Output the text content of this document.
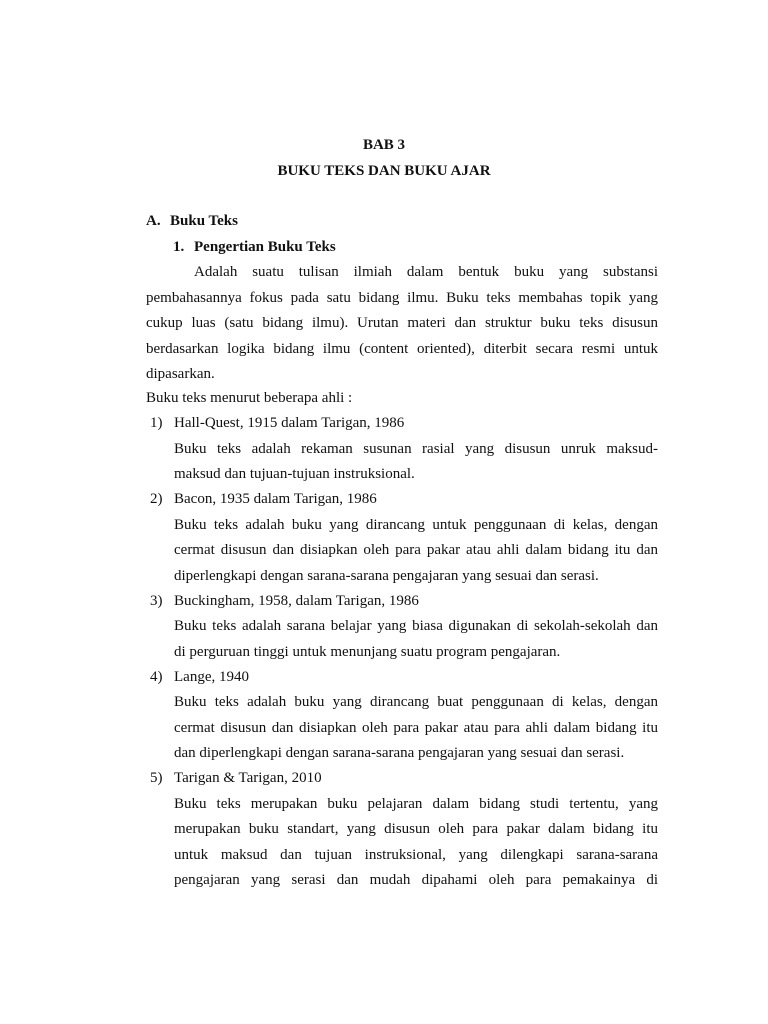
BAB 3
BUKU TEKS DAN BUKU AJAR
A. Buku Teks
1. Pengertian Buku Teks
Adalah suatu tulisan ilmiah dalam bentuk buku yang substansi
pembahasannya fokus pada satu bidang ilmu. Buku teks membahas topik yang
cukup luas (satu bidang ilmu). Urutan materi dan struktur buku teks disusun
berdasarkan logika bidang ilmu (content oriented), diterbit secara resmi untuk
dipasarkan.
Buku teks menurut beberapa ahli :
1) Hall-Quest, 1915 dalam Tarigan, 1986
Buku teks adalah rekaman susunan rasial yang disusun unruk maksud-
maksud dan tujuan-tujuan instruksional.
2) Bacon, 1935 dalam Tarigan, 1986
Buku teks adalah buku yang dirancang untuk penggunaan di kelas, dengan
cermat disusun dan disiapkan oleh para pakar atau ahli dalam bidang itu dan
diperlengkapi dengan sarana-sarana pengajaran yang sesuai dan serasi.
3) Buckingham, 1958, dalam Tarigan, 1986
Buku teks adalah sarana belajar yang biasa digunakan di sekolah-sekolah dan
di perguruan tinggi untuk menunjang suatu program pengajaran.
4) Lange, 1940
Buku teks adalah buku yang dirancang buat penggunaan di kelas, dengan
cermat disusun dan disiapkan oleh para pakar atau para ahli dalam bidang itu
dan diperlengkapi dengan sarana-sarana pengajaran yang sesuai dan serasi.
5) Tarigan & Tarigan, 2010
Buku teks merupakan buku pelajaran dalam bidang studi tertentu, yang
merupakan buku standart, yang disusun oleh para pakar dalam bidang itu
untuk maksud dan tujuan instruksional, yang dilengkapi sarana-sarana
pengajaran yang serasi dan mudah dipahami oleh para pemakainya di
